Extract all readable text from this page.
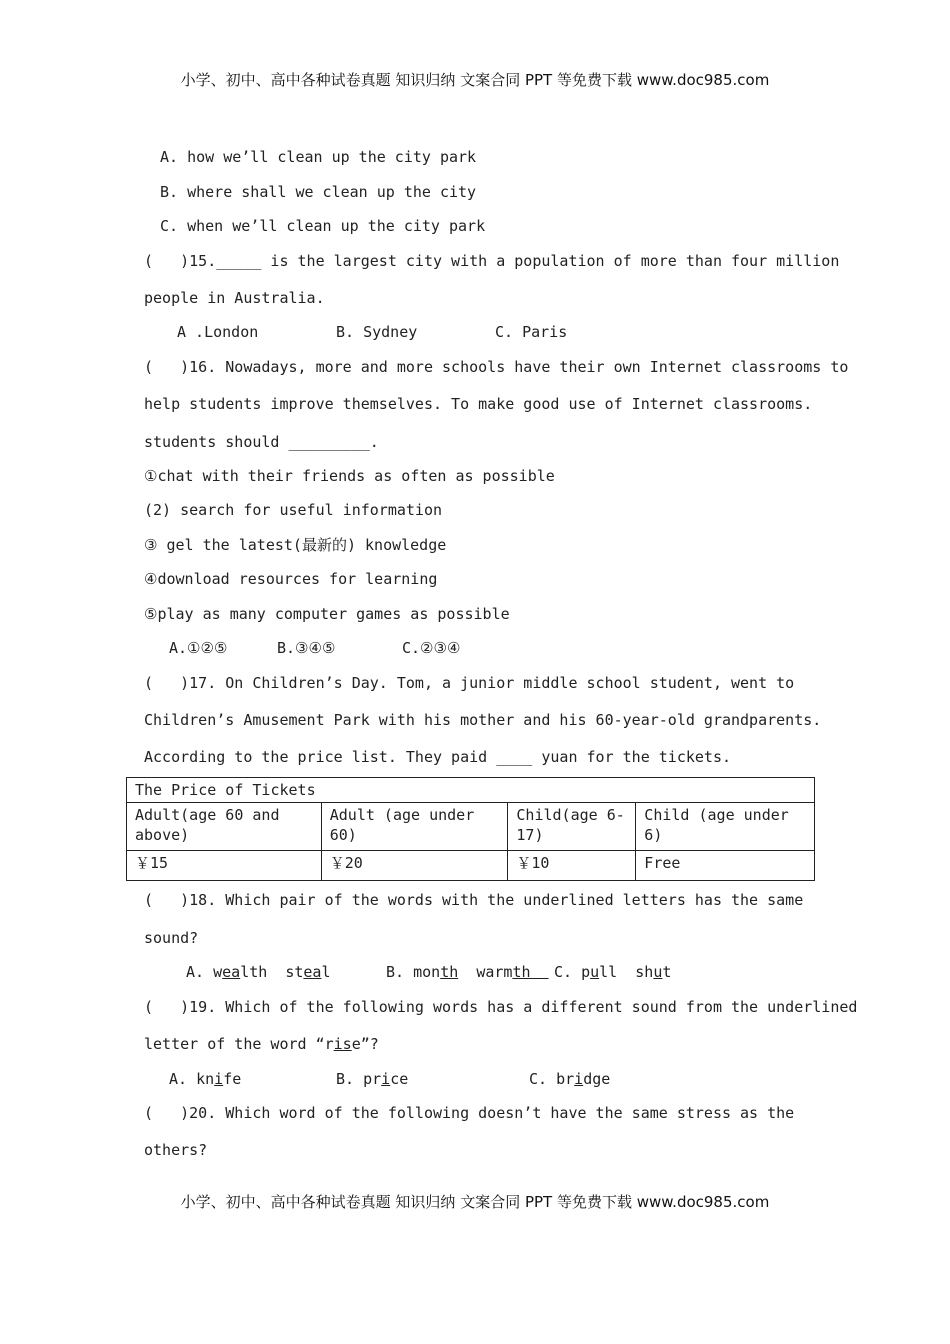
小学、初中、高中各种试卷真题 知识归纳 文案合同 PPT 等免费下载 www.doc985.com
A. how we’ll clean up the city park
B. where shall we clean up the city
C. when we’ll clean up the city park
(   )15._____ is the largest city with a population of more than four million
people in Australia.
A .London	B. Sydney	C. Paris
(   )16. Nowadays, more and more schools have their own Internet classrooms to
help students improve themselves. To make good use of Internet classrooms.
students should _________.
①chat with their friends as often as possible
(2) search for useful information
③ gel the latest(最新的) knowledge
④download resources for learning
⑤play as many computer games as possible
A.①②⑤	B.③④⑤	C.②③④
(   )17. On Children’s Day. Tom, a junior middle school student, went to
Children’s Amusement Park with his mother and his 60-year-old grandparents.
According to the price list. They paid ____ yuan for the tickets.
The Price of Tickets			
Adult(age 60 and above)	Adult (age under 60)	Child(age 6-17)	Child (age under 6)
￥15	￥20	￥10	Free
(   )18. Which pair of the words with the underlined letters has the same
sound?
A. wealth steal	B. month warmth	C. pull shut
(   )19. Which of the following words has a different sound from the underlined
letter of the word “rise”?
A. knife	B. price	C. bridge
(   )20. Which word of the following doesn’t have the same stress as the
others?
小学、初中、高中各种试卷真题 知识归纳 文案合同 PPT 等免费下载 www.doc985.com
